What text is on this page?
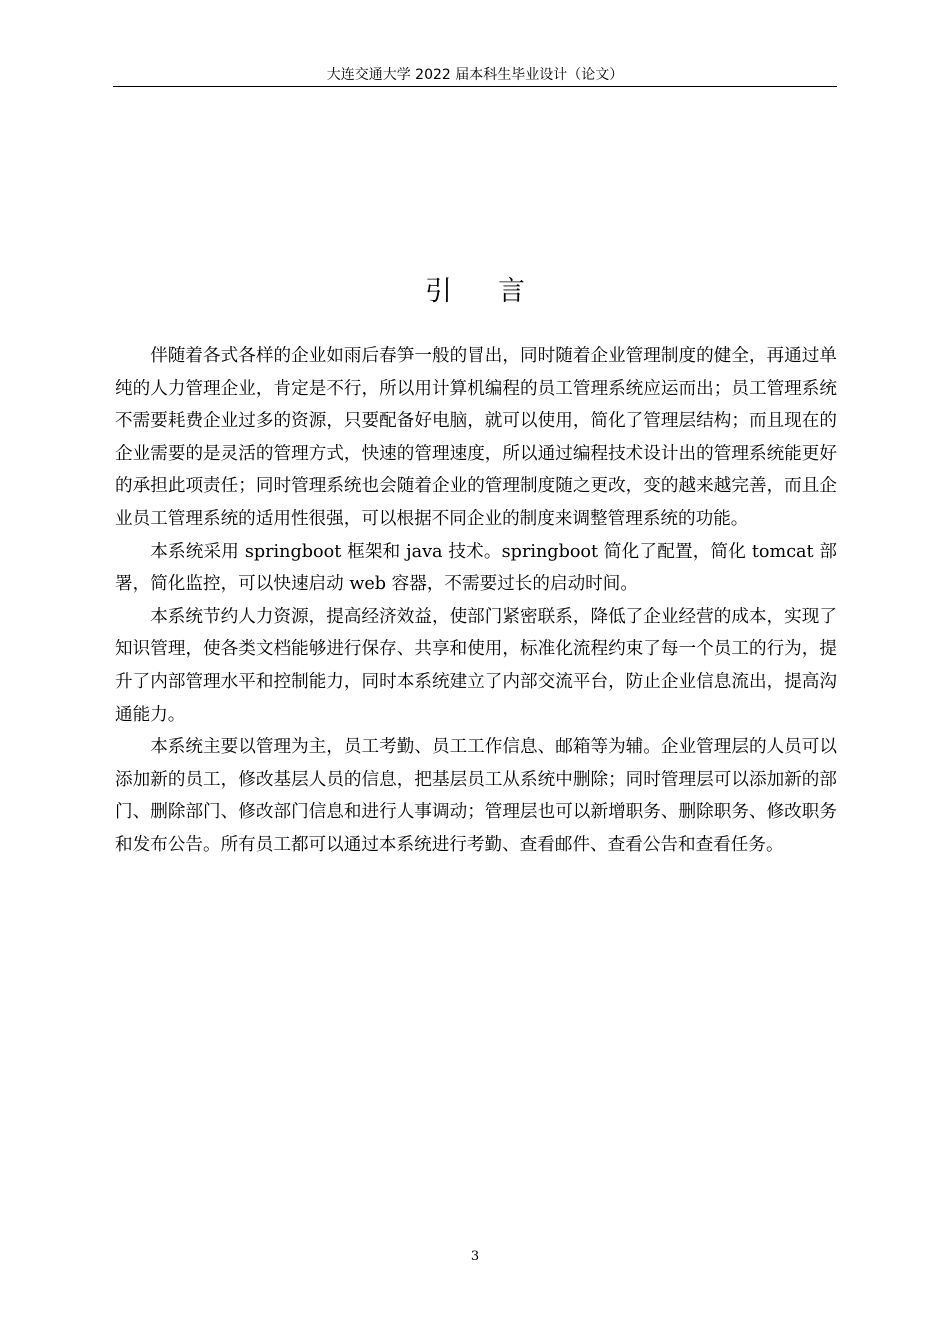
大连交通大学 2022 届本科生毕业设计（论文）
引言

伴随着各式各样的企业如雨后春笋一般的冒出，同时随着企业管理制度的健全，再通过单纯的人力管理企业，肯定是不行，所以用计算机编程的员工管理系统应运而出；员工管理系统不需要耗费企业过多的资源，只要配备好电脑，就可以使用，简化了管理层结构；而且现在的企业需要的是灵活的管理方式，快速的管理速度，所以通过编程技术设计出的管理系统能更好的承担此项责任；同时管理系统也会随着企业的管理制度随之更改，变的越来越完善，而且企业员工管理系统的适用性很强，可以根据不同企业的制度来调整管理系统的功能。

本系统采用 springboot 框架和 java 技术。springboot 简化了配置，简化 tomcat 部署，简化监控，可以快速启动 web 容器，不需要过长的启动时间。

本系统节约人力资源，提高经济效益，使部门紧密联系，降低了企业经营的成本，实现了知识管理，使各类文档能够进行保存、共享和使用，标准化流程约束了每一个员工的行为，提升了内部管理水平和控制能力，同时本系统建立了内部交流平台，防止企业信息流出，提高沟通能力。

本系统主要以管理为主，员工考勤、员工工作信息、邮箱等为辅。企业管理层的人员可以添加新的员工，修改基层人员的信息，把基层员工从系统中删除；同时管理层可以添加新的部门、删除部门、修改部门信息和进行人事调动；管理层也可以新增职务、删除职务、修改职务和发布公告。所有员工都可以通过本系统进行考勤、查看邮件、查看公告和查看任务。

3
